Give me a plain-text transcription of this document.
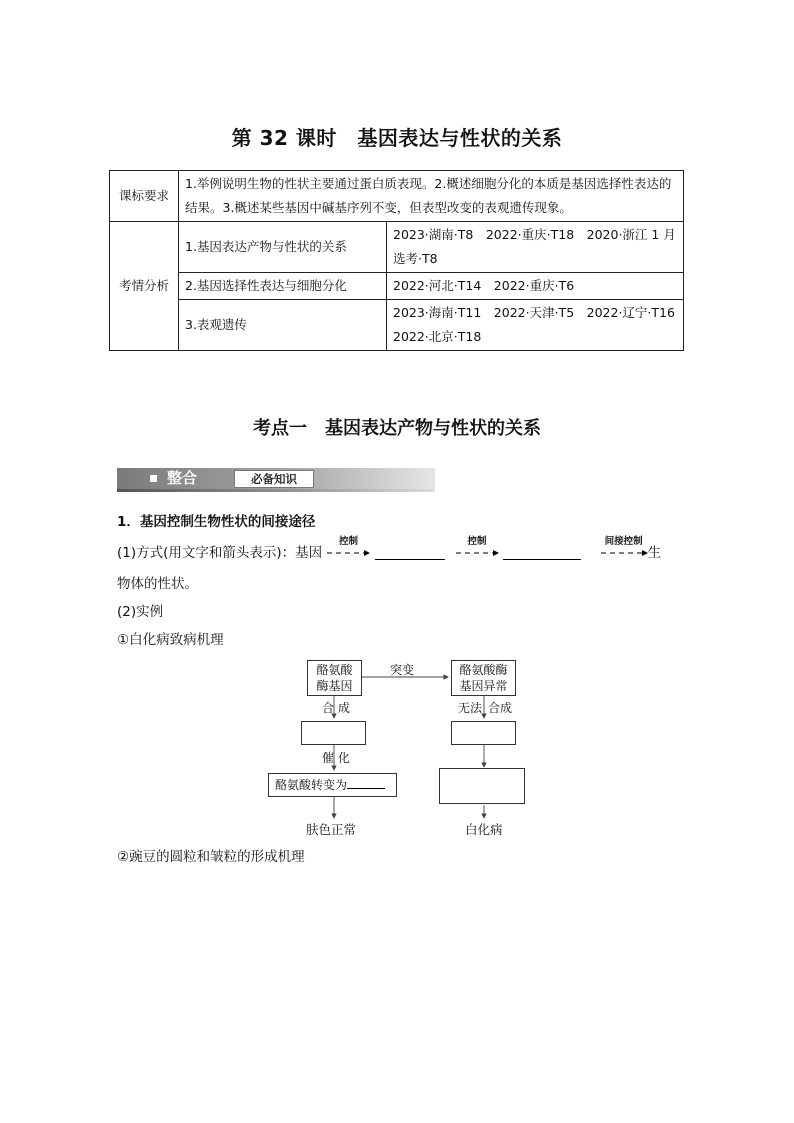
第 32 课时　基因表达与性状的关系
课标要求	1.举例说明生物的性状主要通过蛋白质表现。2.概述细胞分化的本质是基因选择性表达的结果。3.概述某些基因中碱基序列不变，但表型改变的表观遗传现象。	
考情分析	1.基因表达产物与性状的关系	2023·湖南·T8　2022·重庆·T18　2020·浙江 1 月选考·T8
	2.基因选择性表达与细胞分化	2022·河北·T14　2022·重庆·T6
	3.表观遗传	2023·海南·T11　2022·天津·T5　2022·辽宁·T16　2022·北京·T18
考点一　基因表达产物与性状的关系
整合	必备知识
1．基因控制生物性状的间接途径
(1)方式(用文字和箭头表示)：基因
控制
	控制
	间接控制
生
物体的性状。
(2)实例
①白化病致病机理
酪氨酸
酶基因
突变	酪氨酸酶
基因异常
合 成	无法 合成
催 化
酪氨酸转变为
肤色正常	白化病
②豌豆的圆粒和皱粒的形成机理
